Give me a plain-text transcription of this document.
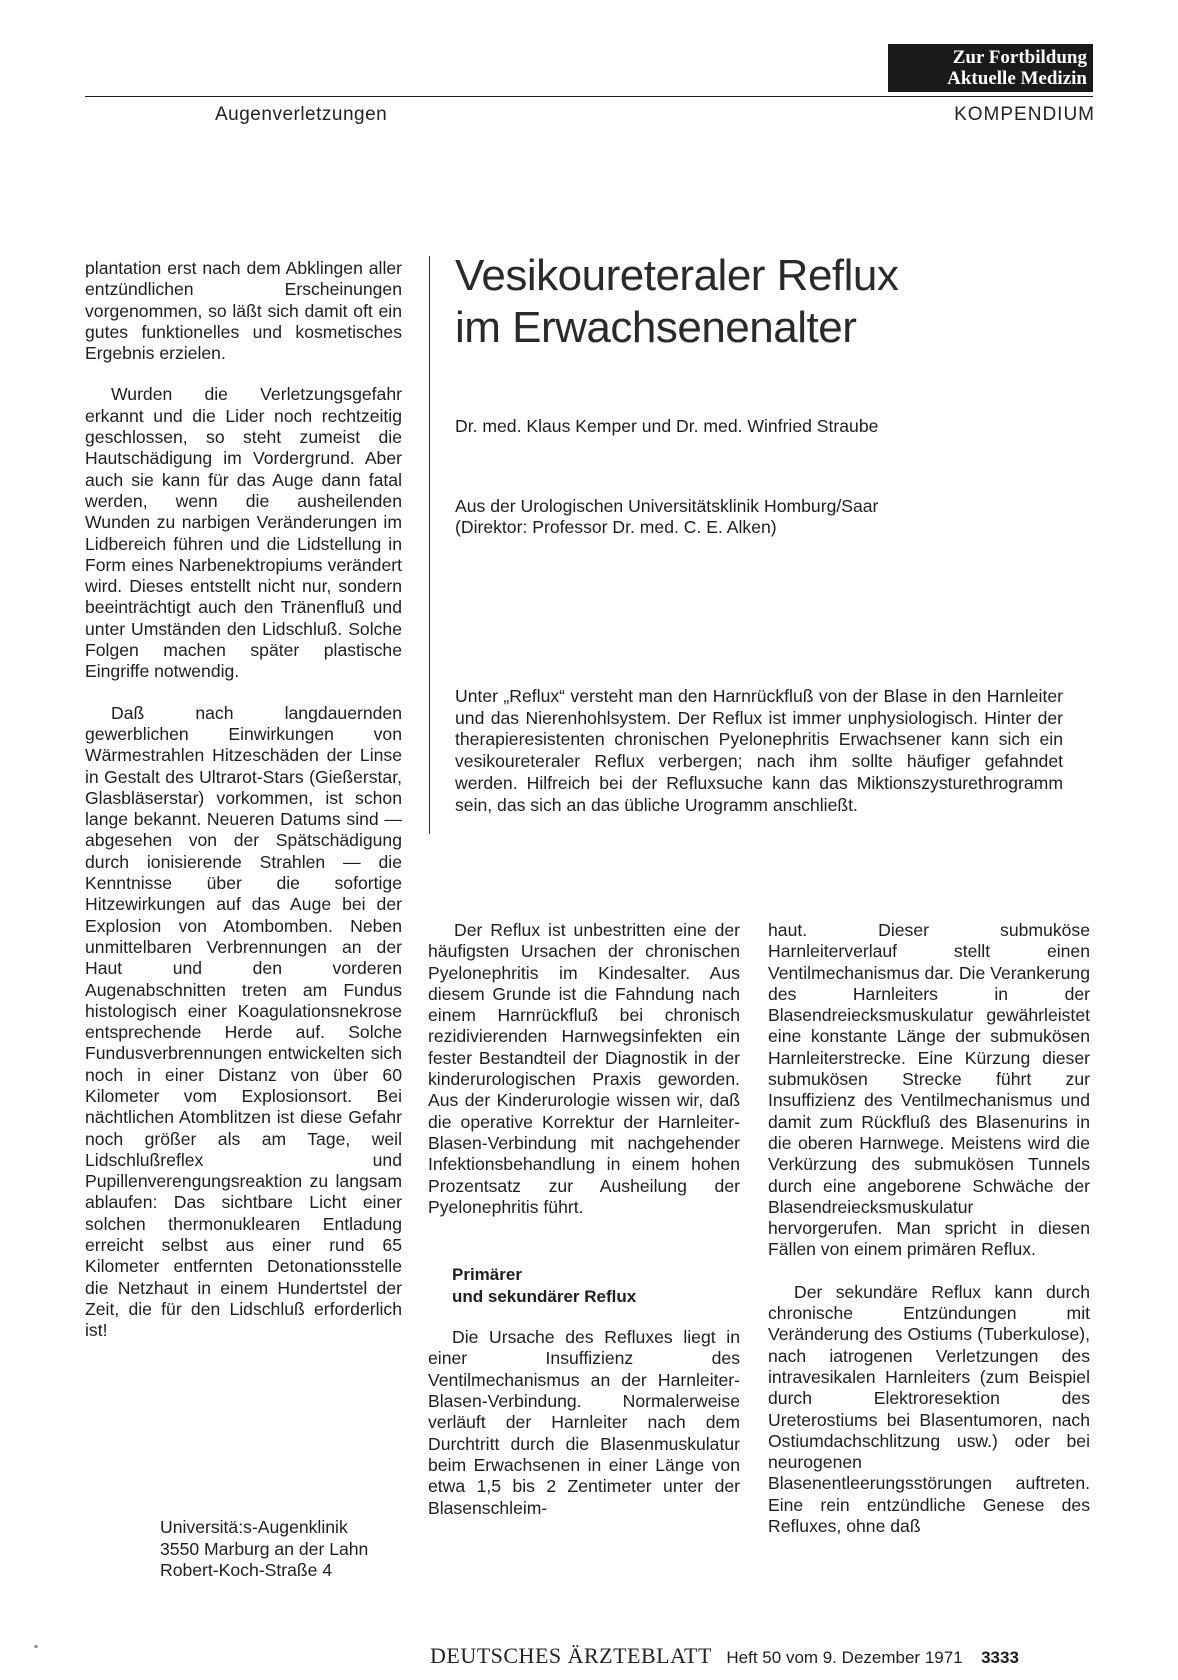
Zur Fortbildung
Aktuelle Medizin
Augenverletzungen	KOMPENDIUM

plantation erst nach dem Abklingen aller entzündlichen Erscheinungen vorgenommen, so läßt sich damit oft ein gutes funktionelles und kosmetisches Ergebnis erzielen.

Wurden die Verletzungsgefahr erkannt und die Lider noch rechtzeitig geschlossen, so steht zumeist die Hautschädigung im Vordergrund. Aber auch sie kann für das Auge dann fatal werden, wenn die ausheilenden Wunden zu narbigen Veränderungen im Lidbereich führen und die Lidstellung in Form eines Narbenektropiums verändert wird. Dieses entstellt nicht nur, sondern beeinträchtigt auch den Tränenfluß und unter Umständen den Lidschluß. Solche Folgen machen später plastische Eingriffe notwendig.

Daß nach langdauernden gewerblichen Einwirkungen von Wärmestrahlen Hitzeschäden der Linse in Gestalt des Ultrarot-Stars (Gießerstar, Glasbläserstar) vorkommen, ist schon lange bekannt. Neueren Datums sind — abgesehen von der Spätschädigung durch ionisierende Strahlen — die Kenntnisse über die sofortige Hitzewirkungen auf das Auge bei der Explosion von Atombomben. Neben unmittelbaren Verbrennungen an der Haut und den vorderen Augenabschnitten treten am Fundus histologisch einer Koagulationsnekrose entsprechende Herde auf. Solche Fundusverbrennungen entwickelten sich noch in einer Distanz von über 60 Kilometer vom Explosionsort. Bei nächtlichen Atomblitzen ist diese Gefahr noch größer als am Tage, weil Lidschlußreflex und Pupillenverengungsreaktion zu langsam ablaufen: Das sichtbare Licht einer solchen thermonuklearen Entladung erreicht selbst aus einer rund 65 Kilometer entfernten Detonationsstelle die Netzhaut in einem Hundertstel der Zeit, die für den Lidschluß erforderlich ist!

Vesikoureteraler Reflux
im Erwachsenenalter
Dr. med. Klaus Kemper und Dr. med. Winfried Straube
Aus der Urologischen Universitätsklinik Homburg/Saar
(Direktor: Professor Dr. med. C. E. Alken)
Unter „Reflux“ versteht man den Harnrückfluß von der Blase in den Harnleiter und das Nierenhohlsystem. Der Reflux ist immer unphysiologisch. Hinter der therapieresistenten chronischen Pyelonephritis Erwachsener kann sich ein vesikoureteraler Reflux verbergen; nach ihm sollte häufiger gefahndet werden. Hilfreich bei der Refluxsuche kann das Miktionszysturethrogramm sein, das sich an das übliche Urogramm anschließt.

Der Reflux ist unbestritten eine der häufigsten Ursachen der chronischen Pyelonephritis im Kindesalter. Aus diesem Grunde ist die Fahndung nach einem Harnrückfluß bei chronisch rezidivierenden Harnwegsinfekten ein fester Bestandteil der Diagnostik in der kinderurologischen Praxis geworden. Aus der Kinderurologie wissen wir, daß die operative Korrektur der Harnleiter-Blasen-Verbindung mit nachgehender Infektionsbehandlung in einem hohen Prozentsatz zur Ausheilung der Pyelonephritis führt.

Primärer
und sekundärer Reflux

Die Ursache des Refluxes liegt in einer Insuffizienz des Ventilmechanismus an der Harnleiter-Blasen-Verbindung. Normalerweise verläuft der Harnleiter nach dem Durchtritt durch die Blasenmuskulatur beim Erwachsenen in einer Länge von etwa 1,5 bis 2 Zentimeter unter der Blasenschleim-

haut. Dieser submuköse Harnleiterverlauf stellt einen Ventilmechanismus dar. Die Verankerung des Harnleiters in der Blasendreiecksmuskulatur gewährleistet eine konstante Länge der submukösen Harnleiterstrecke. Eine Kürzung dieser submukösen Strecke führt zur Insuffizienz des Ventilmechanismus und damit zum Rückfluß des Blasenurins in die oberen Harnwege. Meistens wird die Verkürzung des submukösen Tunnels durch eine angeborene Schwäche der Blasendreiecksmuskulatur hervorgerufen. Man spricht in diesen Fällen von einem primären Reflux.

Der sekundäre Reflux kann durch chronische Entzündungen mit Veränderung des Ostiums (Tuberkulose), nach iatrogenen Verletzungen des intravesikalen Harnleiters (zum Beispiel durch Elektroresektion des Ureterostiums bei Blasentumoren, nach Ostiumdachschlitzung usw.) oder bei neurogenen Blasenentleerungsstörungen auftreten. Eine rein entzündliche Genese des Refluxes, ohne daß

Universitä:s-Augenklinik
3550 Marburg an der Lahn
Robert-Koch-Straße 4
DEUTSCHES ÄRZTEBLATT Heft 50 vom 9. Dezember 1971 3333
